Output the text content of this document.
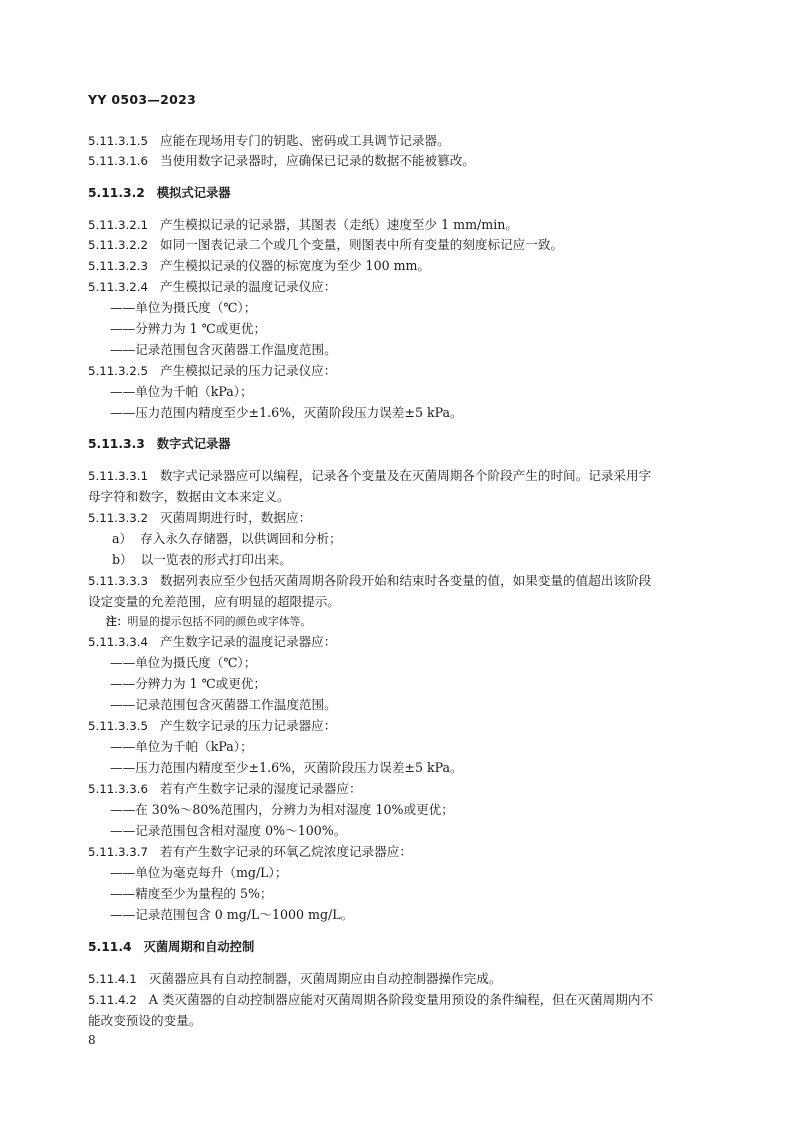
YY 0503—2023
5.11.3.1.5 应能在现场用专门的钥匙、密码或工具调节记录器。
5.11.3.1.6 当使用数字记录器时，应确保已记录的数据不能被篡改。
5.11.3.2 模拟式记录器
5.11.3.2.1 产生模拟记录的记录器，其图表（走纸）速度至少 1 mm/min。
5.11.3.2.2 如同一图表记录二个或几个变量，则图表中所有变量的刻度标记应一致。
5.11.3.2.3 产生模拟记录的仪器的标宽度为至少 100 mm。
5.11.3.2.4 产生模拟记录的温度记录仪应：
——单位为摄氏度（℃）；
——分辨力为 1 ℃或更优；
——记录范围包含灭菌器工作温度范围。
5.11.3.2.5 产生模拟记录的压力记录仪应：
——单位为千帕（kPa）；
——压力范围内精度至少±1.6%，灭菌阶段压力误差±5 kPa。
5.11.3.3 数字式记录器
5.11.3.3.1 数字式记录器应可以编程，记录各个变量及在灭菌周期各个阶段产生的时间。记录采用字
母字符和数字，数据由文本来定义。
5.11.3.3.2 灭菌周期进行时，数据应：
a） 存入永久存储器，以供调回和分析；
b） 以一览表的形式打印出来。
5.11.3.3.3 数据列表应至少包括灭菌周期各阶段开始和结束时各变量的值，如果变量的值超出该阶段
设定变量的允差范围，应有明显的超限提示。
注：明显的提示包括不同的颜色或字体等。
5.11.3.3.4 产生数字记录的温度记录器应：
——单位为摄氏度（℃）；
——分辨力为 1 ℃或更优；
——记录范围包含灭菌器工作温度范围。
5.11.3.3.5 产生数字记录的压力记录器应：
——单位为千帕（kPa）；
——压力范围内精度至少±1.6%，灭菌阶段压力误差±5 kPa。
5.11.3.3.6 若有产生数字记录的湿度记录器应：
——在 30%～80%范围内，分辨力为相对湿度 10%或更优；
——记录范围包含相对湿度 0%～100%。
5.11.3.3.7 若有产生数字记录的环氧乙烷浓度记录器应：
——单位为毫克每升（mg/L）；
——精度至少为量程的 5%；
——记录范围包含 0 mg/L～1000 mg/L。
5.11.4 灭菌周期和自动控制
5.11.4.1 灭菌器应具有自动控制器，灭菌周期应由自动控制器操作完成。
5.11.4.2 A 类灭菌器的自动控制器应能对灭菌周期各阶段变量用预设的条件编程，但在灭菌周期内不
能改变预设的变量。
8
